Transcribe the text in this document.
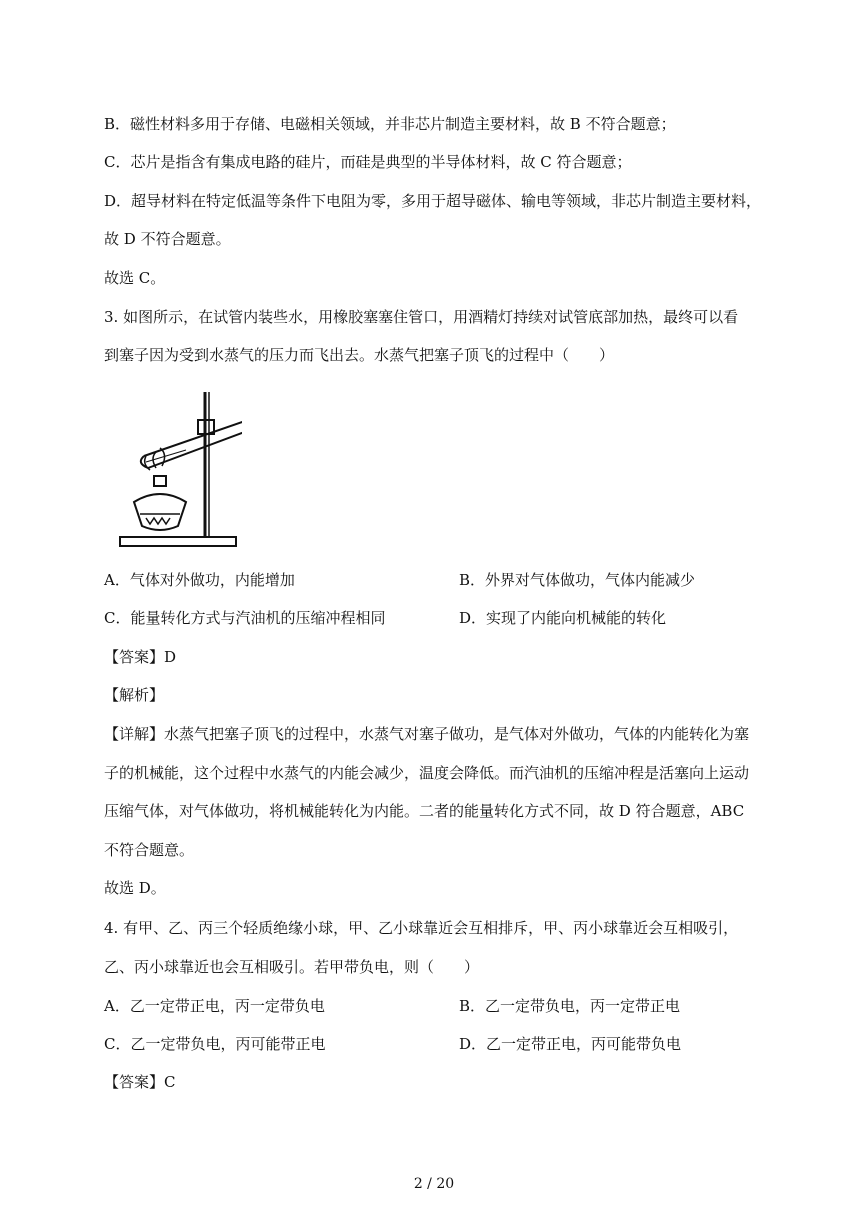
B．磁性材料多用于存储、电磁相关领域，并非芯片制造主要材料，故 B 不符合题意；
C．芯片是指含有集成电路的硅片，而硅是典型的半导体材料，故 C 符合题意；
D．超导材料在特定低温等条件下电阻为零，多用于超导磁体、输电等领域，非芯片制造主要材料，
故 D 不符合题意。
故选 C。
3. 如图所示，在试管内装些水，用橡胶塞塞住管口，用酒精灯持续对试管底部加热，最终可以看
到塞子因为受到水蒸气的压力而飞出去。水蒸气把塞子顶飞的过程中（　　）
A．气体对外做功，内能增加	B．外界对气体做功，气体内能减少
C．能量转化方式与汽油机的压缩冲程相同	D．实现了内能向机械能的转化
【答案】D
【解析】
【详解】水蒸气把塞子顶飞的过程中，水蒸气对塞子做功，是气体对外做功，气体的内能转化为塞
子的机械能，这个过程中水蒸气的内能会减少，温度会降低。而汽油机的压缩冲程是活塞向上运动
压缩气体，对气体做功，将机械能转化为内能。二者的能量转化方式不同，故 D 符合题意，ABC
不符合题意。
故选 D。
4. 有甲、乙、丙三个轻质绝缘小球，甲、乙小球靠近会互相排斥，甲、丙小球靠近会互相吸引，
乙、丙小球靠近也会互相吸引。若甲带负电，则（　　）
A．乙一定带正电，丙一定带负电	B．乙一定带负电，丙一定带正电
C．乙一定带负电，丙可能带正电	D．乙一定带正电，丙可能带负电
【答案】C
2 / 20
